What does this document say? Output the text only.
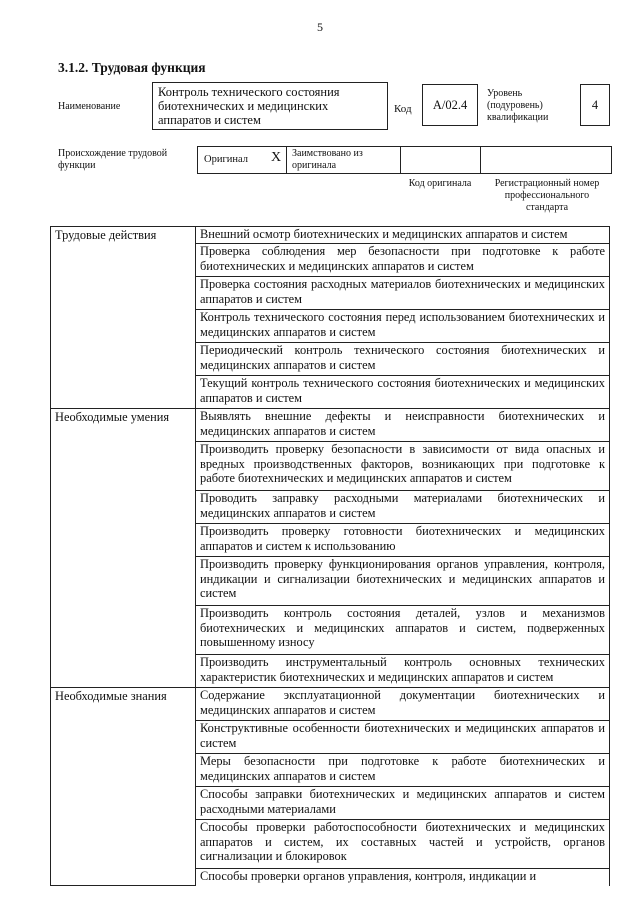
5
3.1.2. Трудовая функция
Наименование
Контроль технического состояния биотехнических и медицинских аппаратов и систем
Код	А/02.4
Уровень (подуровень) квалификации
4
Происхождение трудовой функции
Оригинал X Заимствовано из оригинала
Код оригинала	Регистрационный номер профессионального стандарта
Трудовые действия	Внешний осмотр биотехнических и медицинских аппаратов и систем
	Проверка соблюдения мер безопасности при подготовке к работе биотехнических и медицинских аппаратов и систем
	Проверка состояния расходных материалов биотехнических и медицинских аппаратов и систем
	Контроль технического состояния перед использованием биотехнических и медицинских аппаратов и систем
	Периодический контроль технического состояния биотехнических и медицинских аппаратов и систем
	Текущий контроль технического состояния биотехнических и медицинских аппаратов и систем
Необходимые умения	Выявлять внешние дефекты и неисправности биотехнических и медицинских аппаратов и систем
	Производить проверку безопасности в зависимости от вида опасных и вредных производственных факторов, возникающих при подготовке к работе биотехнических и медицинских аппаратов и систем
	Проводить заправку расходными материалами биотехнических и медицинских аппаратов и систем
	Производить проверку готовности биотехнических и медицинских аппаратов и систем к использованию
	Производить проверку функционирования органов управления, контроля, индикации и сигнализации биотехнических и медицинских аппаратов и систем
	Производить контроль состояния деталей, узлов и механизмов биотехнических и медицинских аппаратов и систем, подверженных повышенному износу
	Производить инструментальный контроль основных технических характеристик биотехнических и медицинских аппаратов и систем
Необходимые знания	Содержание эксплуатационной документации биотехнических и медицинских аппаратов и систем
	Конструктивные особенности биотехнических и медицинских аппаратов и систем
	Меры безопасности при подготовке к работе биотехнических и медицинских аппаратов и систем
	Способы заправки биотехнических и медицинских аппаратов и систем расходными материалами
	Способы проверки работоспособности биотехнических и медицинских аппаратов и систем, их составных частей и устройств, органов сигнализации и блокировок
	Способы проверки органов управления, контроля, индикации и
